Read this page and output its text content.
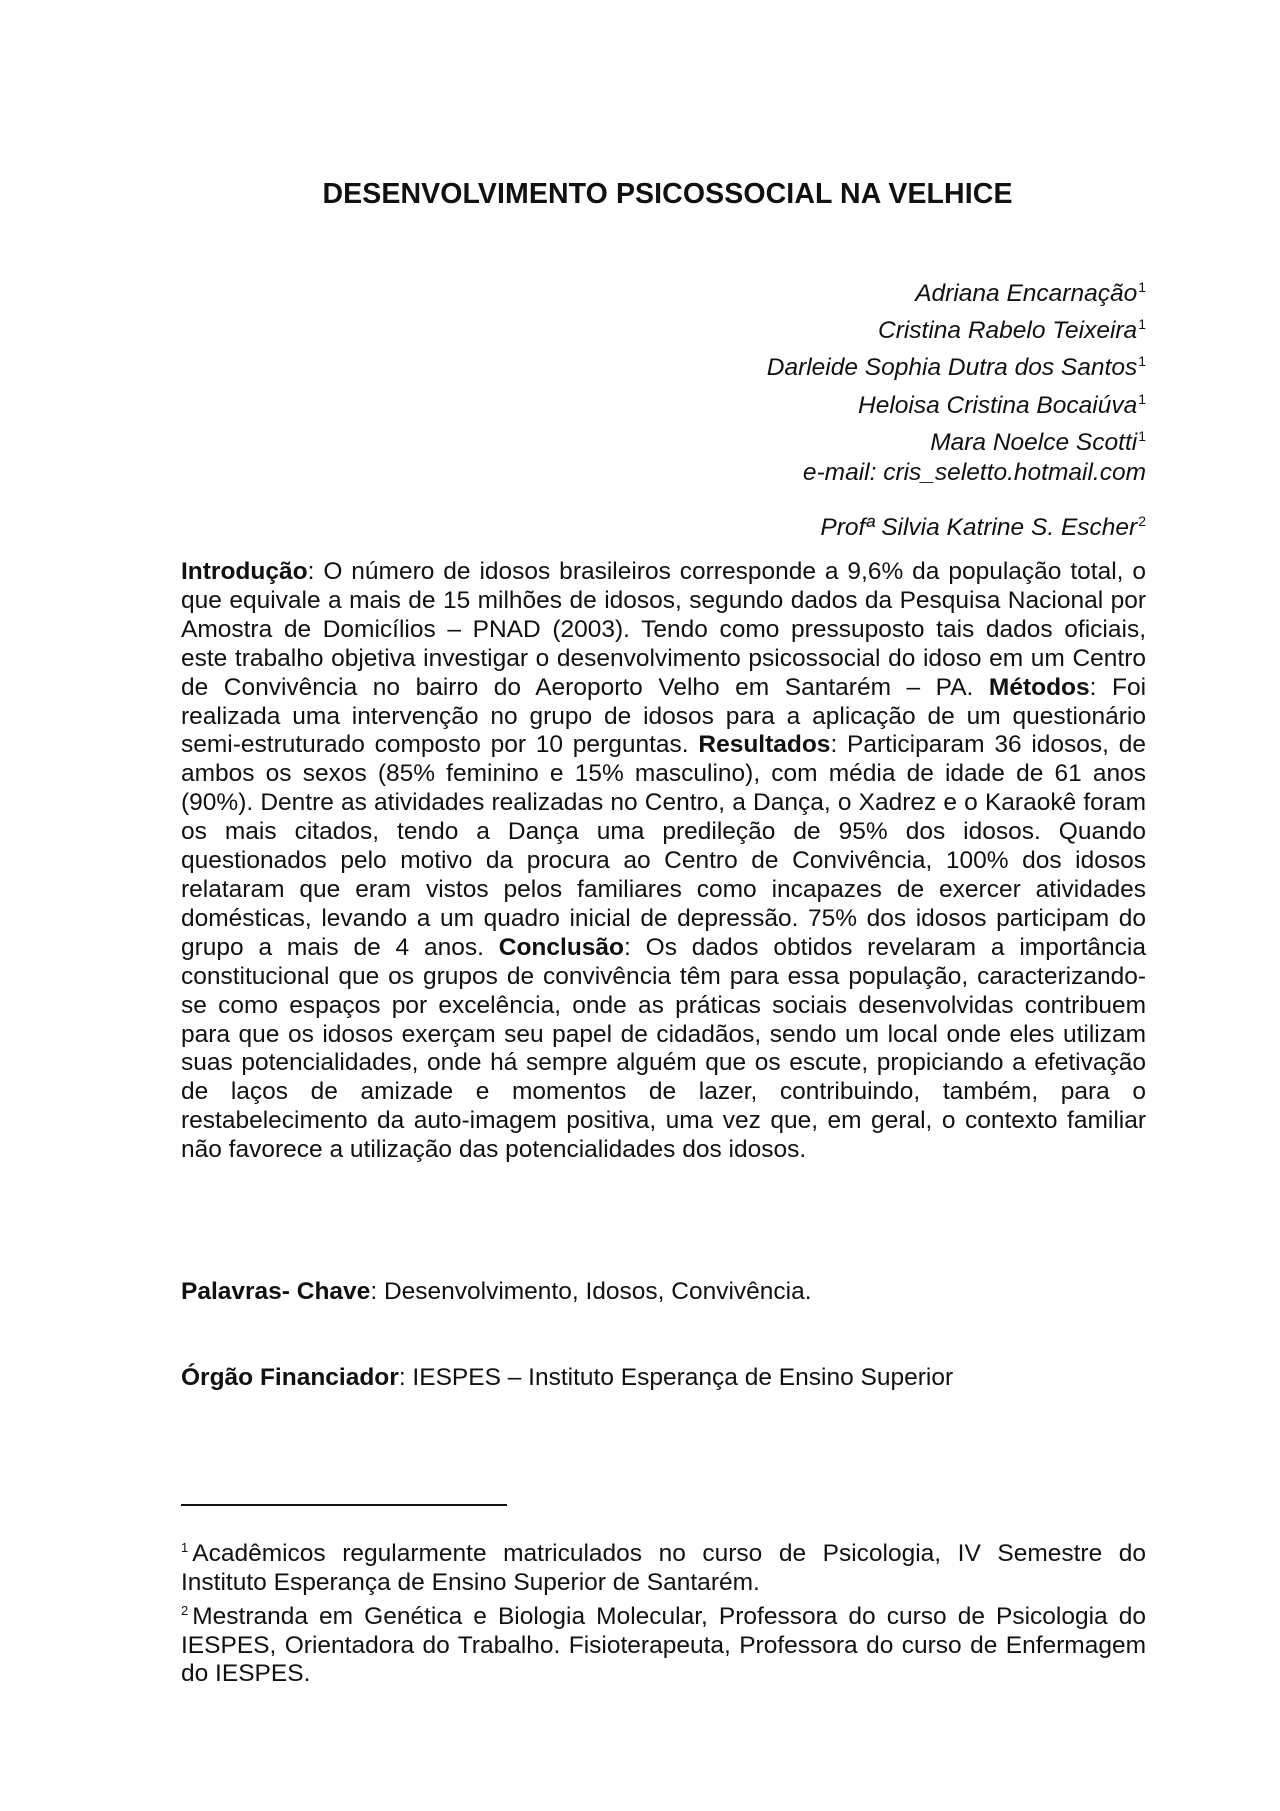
DESENVOLVIMENTO PSICOSSOCIAL NA VELHICE
Adriana Encarnação$^1$
Cristina Rabelo Teixeira$^1$
Darleide Sophia Dutra dos Santos$^1$
Heloisa Cristina Bocaiúva$^1$
Mara Noelce Scotti$^1$
e-mail: cris_seletto.hotmail.com
Profª Silvia Katrine S. Escher$^2$

Introdução: O número de idosos brasileiros corresponde a 9,6% da população total, o que equivale a mais de 15 milhões de idosos, segundo dados da Pesquisa Nacional por Amostra de Domicílios – PNAD (2003). Tendo como pressuposto tais dados oficiais, este trabalho objetiva investigar o desenvolvimento psicossocial do idoso em um Centro de Convivência no bairro do Aeroporto Velho em Santarém – PA. Métodos: Foi realizada uma intervenção no grupo de idosos para a aplicação de um questionário semi-estruturado composto por 10 perguntas. Resultados: Participaram 36 idosos, de ambos os sexos (85% feminino e 15% masculino), com média de idade de 61 anos (90%). Dentre as atividades realizadas no Centro, a Dança, o Xadrez e o Karaokê foram os mais citados, tendo a Dança uma predileção de 95% dos idosos. Quando questionados pelo motivo da procura ao Centro de Convivência, 100% dos idosos relataram que eram vistos pelos familiares como incapazes de exercer atividades domésticas, levando a um quadro inicial de depressão. 75% dos idosos participam do grupo a mais de 4 anos. Conclusão: Os dados obtidos revelaram a importância constitucional que os grupos de convivência têm para essa população, caracterizando-se como espaços por excelência, onde as práticas sociais desenvolvidas contribuem para que os idosos exerçam seu papel de cidadãos, sendo um local onde eles utilizam suas potencialidades, onde há sempre alguém que os escute, propiciando a efetivação de laços de amizade e momentos de lazer, contribuindo, também, para o restabelecimento da auto-imagem positiva, uma vez que, em geral, o contexto familiar não favorece a utilização das potencialidades dos idosos.

Palavras- Chave: Desenvolvimento, Idosos, Convivência.
Órgão Financiador: IESPES – Instituto Esperança de Ensino Superior

$^1$ Acadêmicos regularmente matriculados no curso de Psicologia, IV Semestre do Instituto Esperança de Ensino Superior de Santarém.

$^2$ Mestranda em Genética e Biologia Molecular, Professora do curso de Psicologia do IESPES, Orientadora do Trabalho. Fisioterapeuta, Professora do curso de Enfermagem do IESPES.
